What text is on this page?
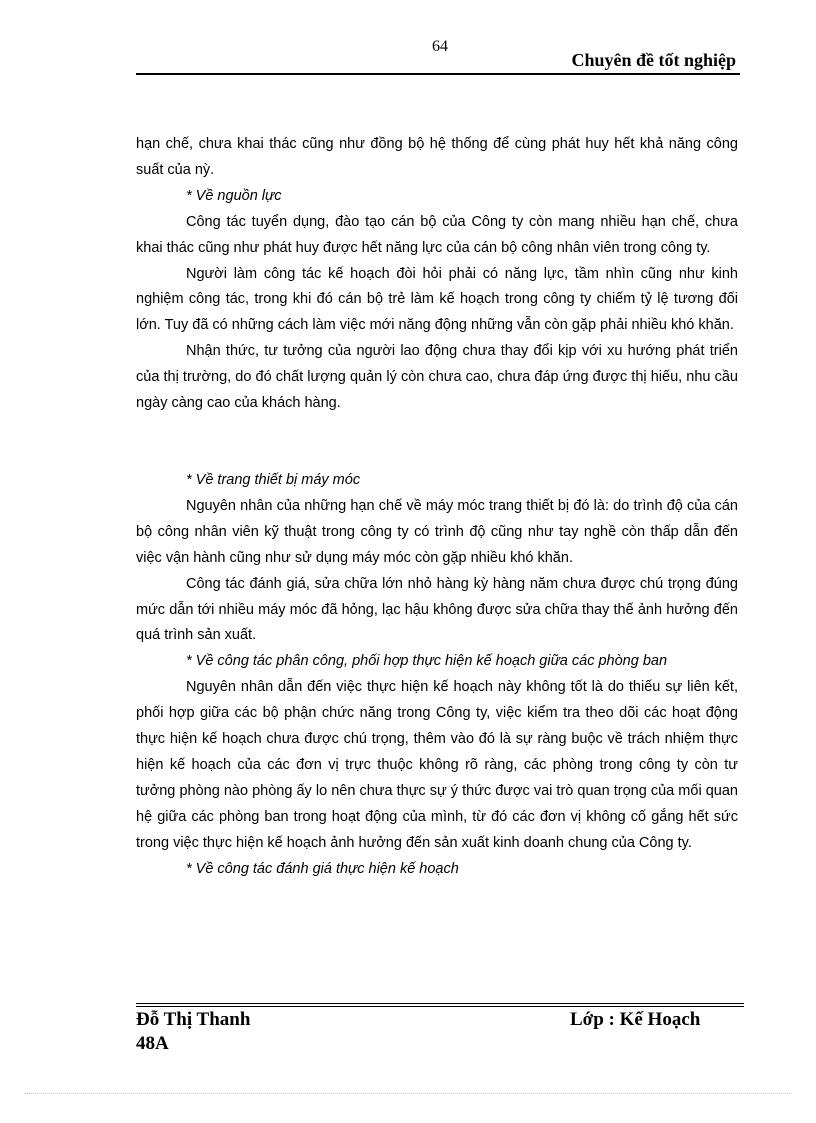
64
Chuyên đề tốt nghiệp

hạn chế, chưa khai thác cũng như đồng bộ hệ thống để cùng phát huy hết khả năng công suất của nỳ.

* Về nguồn lực

Công tác tuyển dụng, đào tạo cán bộ của Công ty còn mang nhiều hạn chế, chưa khai thác cũng như phát huy được hết năng lực của cán bộ công nhân viên trong công ty.

Người làm công tác kế hoạch đòi hỏi phải có năng lực, tầm nhìn cũng như kinh nghiệm công tác, trong khi đó cán bộ trẻ làm kế hoạch trong công ty chiếm tỷ lệ tương đối lớn. Tuy đã có những cách làm việc mới năng động những vẫn còn gặp phải nhiều khó khăn.

Nhận thức, tư tưởng của người lao động chưa thay đổi kịp với xu hướng phát triển của thị trường, do đó chất lượng quản lý còn chưa cao, chưa đáp ứng được thị hiếu, nhu cầu ngày càng cao của khách hàng.

* Về trang thiết bị máy móc

Nguyên nhân của những hạn chế về máy móc trang thiết bị đó là: do trình độ của cán bộ công nhân viên kỹ thuật trong công ty có trình độ cũng như tay nghề còn thấp dẫn đến việc vận hành cũng như sử dụng máy móc còn gặp nhiều khó khăn.

Công tác đánh giá, sửa chữa lớn nhỏ hàng kỳ hàng năm chưa được chú trọng đúng mức dẫn tới nhiều máy móc đã hỏng, lạc hậu không được sửa chữa thay thế ảnh hưởng đến quá trình sản xuất.

* Về công tác phân công, phối hợp thực hiện kế hoạch giữa các phòng ban

Nguyên nhân dẫn đến việc thực hiện kế hoạch này không tốt là do thiếu sự liên kết, phối hợp giữa các bộ phận chức năng trong Công ty, việc kiểm tra theo dõi các hoạt động thực hiện kế hoạch chưa được chú trọng, thêm vào đó là sự ràng buộc về trách nhiệm thực hiện kế hoạch của các đơn vị trực thuộc không rõ ràng, các phòng trong công ty còn tư tưởng phòng nào phòng ấy lo nên chưa thực sự ý thức được vai trò quan trọng của mối quan hệ giữa các phòng ban trong hoạt động của mình, từ đó các đơn vị không cố gắng hết sức trong việc thực hiện kế hoạch ảnh hưởng đến sản xuất kinh doanh chung của Công ty.

* Về công tác đánh giá thực hiện kế hoạch

Đỗ Thị Thanh
48A
Lớp : Kế Hoạch
